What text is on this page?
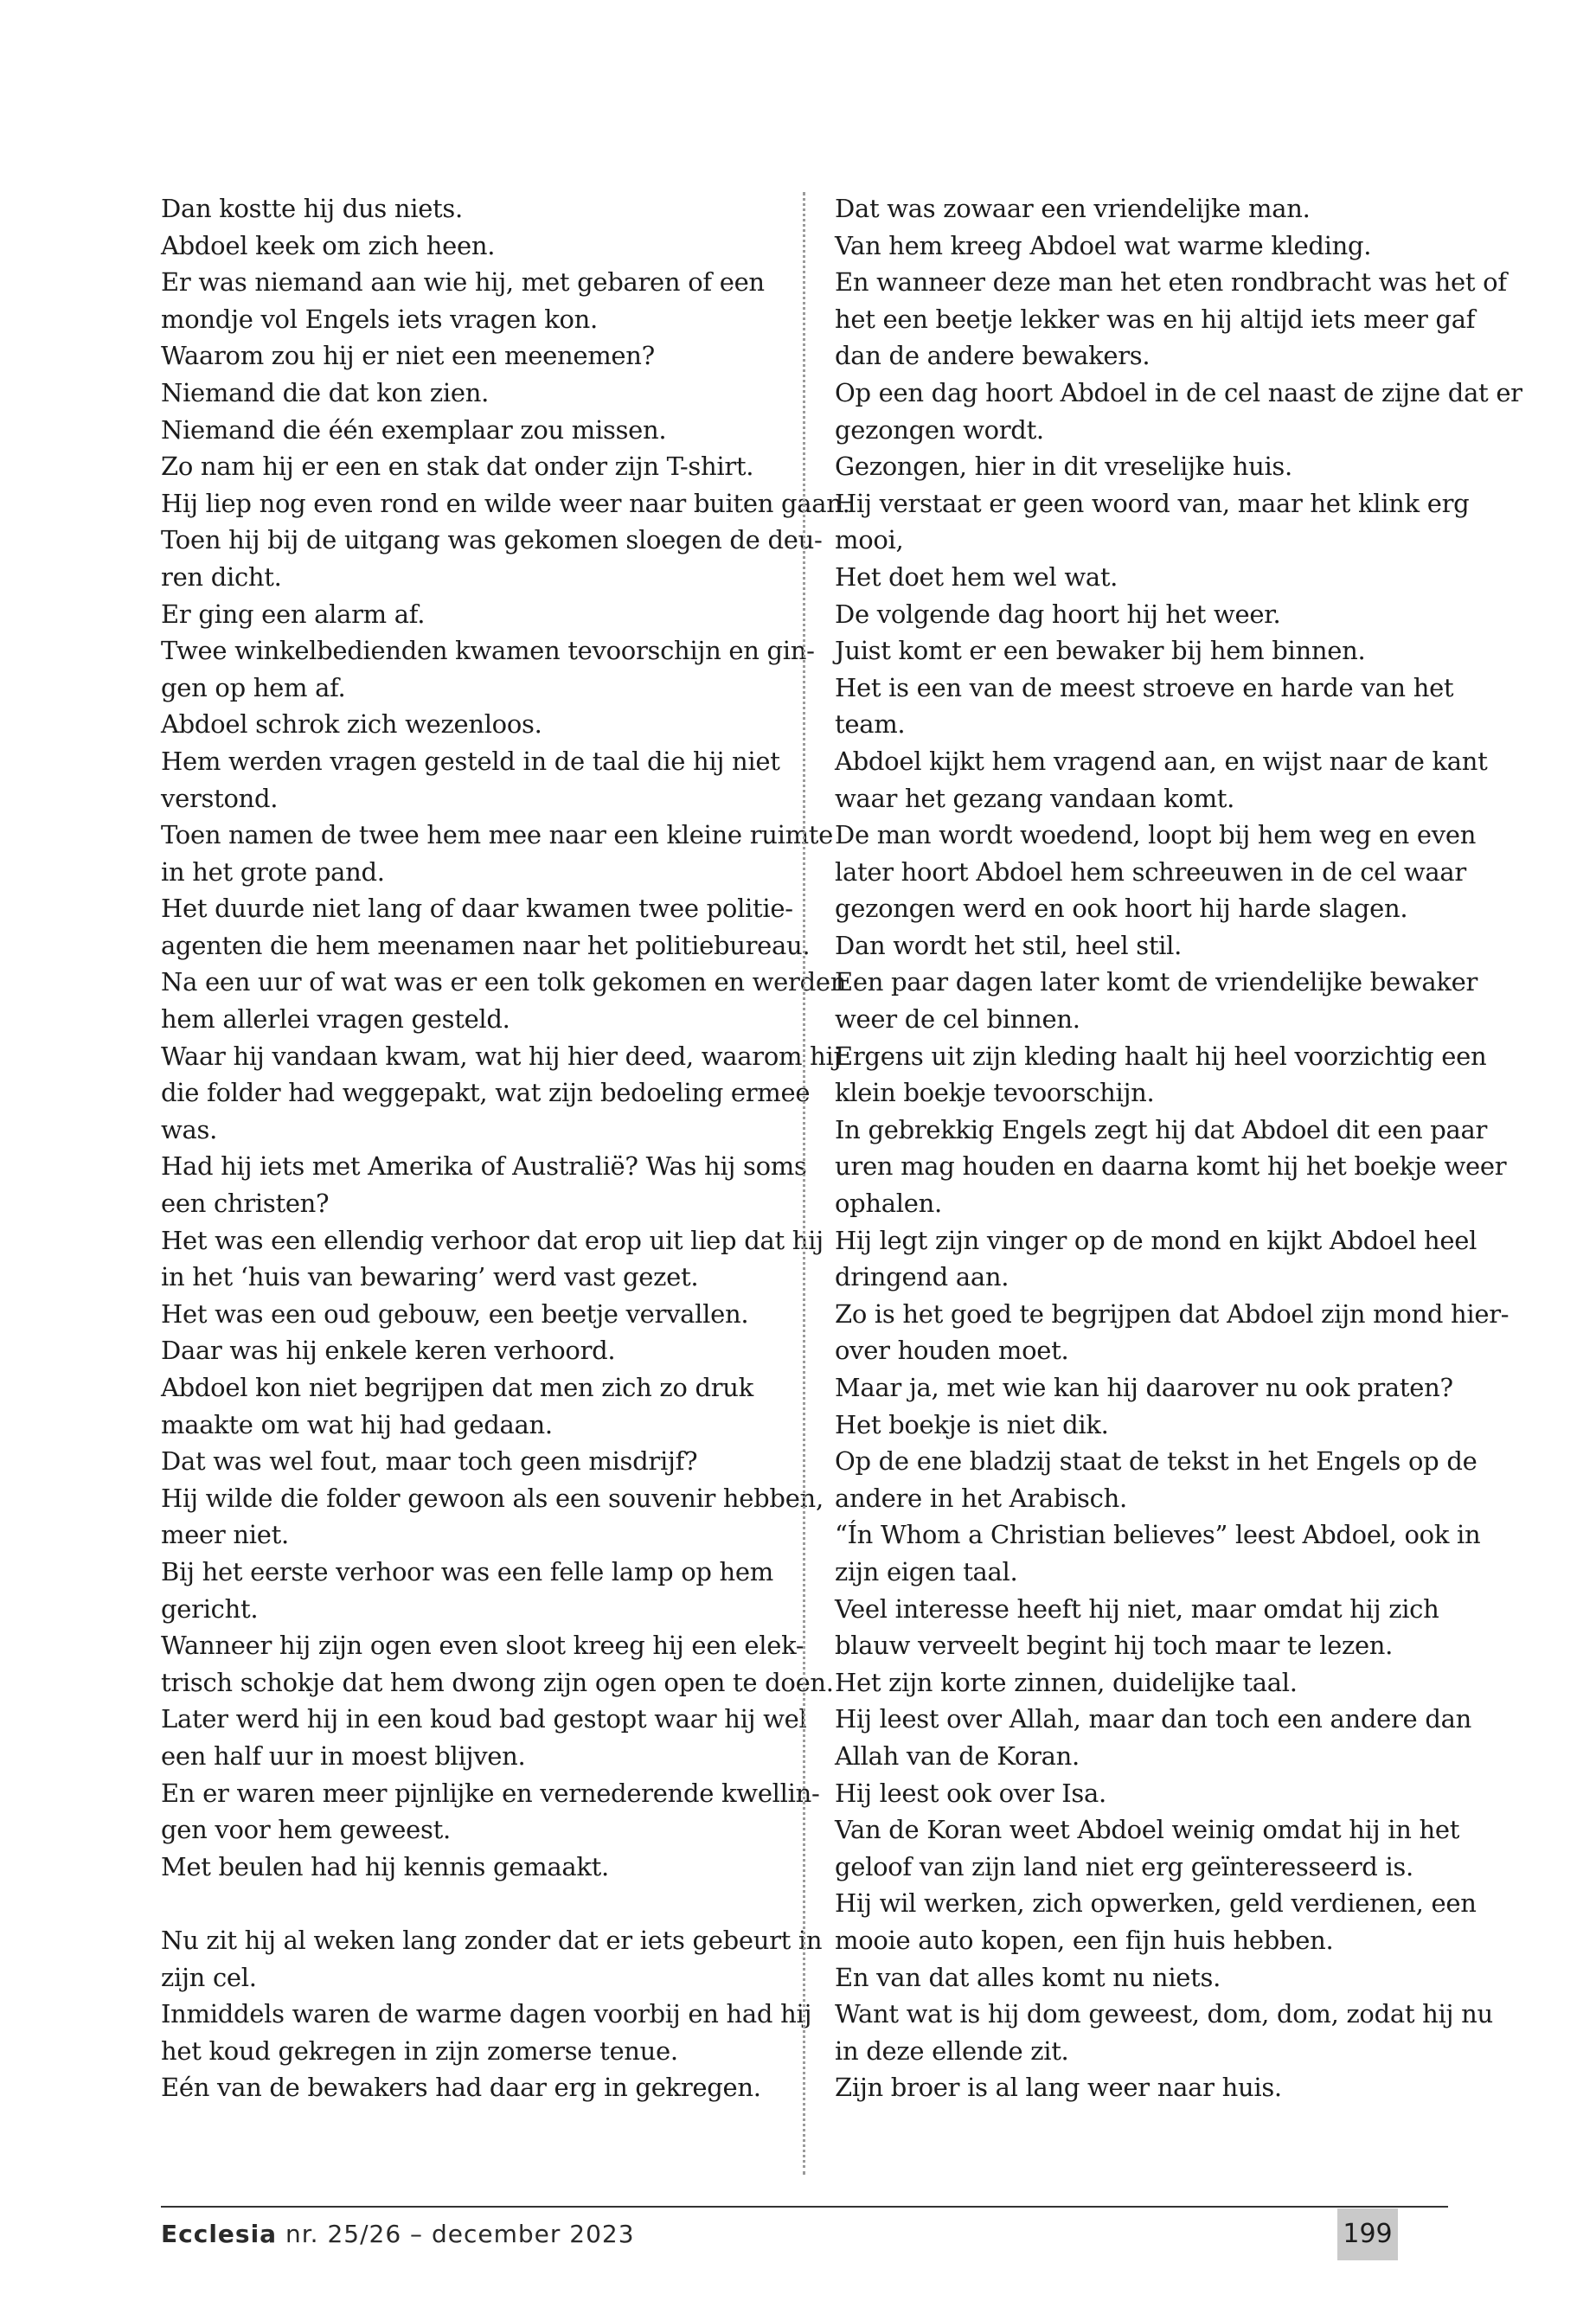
Dan kostte hij dus niets.
Abdoel keek om zich heen.
Er was niemand aan wie hij, met gebaren of een
mondje vol Engels iets vragen kon.
Waarom zou hij er niet een meenemen?
Niemand die dat kon zien.
Niemand die één exemplaar zou missen.
Zo nam hij er een en stak dat onder zijn T-shirt.
Hij liep nog even rond en wilde weer naar buiten gaan.
Toen hij bij de uitgang was gekomen sloegen de deu-
ren dicht.
Er ging een alarm af.
Twee winkelbedienden kwamen tevoorschijn en gin-
gen op hem af.
Abdoel schrok zich wezenloos.
Hem werden vragen gesteld in de taal die hij niet
verstond.
Toen namen de twee hem mee naar een kleine ruimte
in het grote pand.
Het duurde niet lang of daar kwamen twee politie-
agenten die hem meenamen naar het politiebureau.
Na een uur of wat was er een tolk gekomen en werden
hem allerlei vragen gesteld.
Waar hij vandaan kwam, wat hij hier deed, waarom hij
die folder had weggepakt, wat zijn bedoeling ermee
was.
Had hij iets met Amerika of Australië? Was hij soms
een christen?
Het was een ellendig verhoor dat erop uit liep dat hij
in het ‘huis van bewaring’ werd vast gezet.
Het was een oud gebouw, een beetje vervallen.
Daar was hij enkele keren verhoord.
Abdoel kon niet begrijpen dat men zich zo druk
maakte om wat hij had gedaan.
Dat was wel fout, maar toch geen misdrijf?
Hij wilde die folder gewoon als een souvenir hebben,
meer niet.
Bij het eerste verhoor was een felle lamp op hem
gericht.
Wanneer hij zijn ogen even sloot kreeg hij een elek-
trisch schokje dat hem dwong zijn ogen open te doen.
Later werd hij in een koud bad gestopt waar hij wel
een half uur in moest blijven.
En er waren meer pijnlijke en vernederende kwellin-
gen voor hem geweest.
Met beulen had hij kennis gemaakt.
Nu zit hij al weken lang zonder dat er iets gebeurt in
zijn cel.
Inmiddels waren de warme dagen voorbij en had hij
het koud gekregen in zijn zomerse tenue.
Eén van de bewakers had daar erg in gekregen.
Dat was zowaar een vriendelijke man.
Van hem kreeg Abdoel wat warme kleding.
En wanneer deze man het eten rondbracht was het of
het een beetje lekker was en hij altijd iets meer gaf
dan de andere bewakers.
Op een dag hoort Abdoel in de cel naast de zijne dat er
gezongen wordt.
Gezongen, hier in dit vreselijke huis.
Hij verstaat er geen woord van, maar het klink erg
mooi,
Het doet hem wel wat.
De volgende dag hoort hij het weer.
Juist komt er een bewaker bij hem binnen.
Het is een van de meest stroeve en harde van het
team.
Abdoel kijkt hem vragend aan, en wijst naar de kant
waar het gezang vandaan komt.
De man wordt woedend, loopt bij hem weg en even
later hoort Abdoel hem schreeuwen in de cel waar
gezongen werd en ook hoort hij harde slagen.
Dan wordt het stil, heel stil.
Een paar dagen later komt de vriendelijke bewaker
weer de cel binnen.
Ergens uit zijn kleding haalt hij heel voorzichtig een
klein boekje tevoorschijn.
In gebrekkig Engels zegt hij dat Abdoel dit een paar
uren mag houden en daarna komt hij het boekje weer
ophalen.
Hij legt zijn vinger op de mond en kijkt Abdoel heel
dringend aan.
Zo is het goed te begrijpen dat Abdoel zijn mond hier-
over houden moet.
Maar ja, met wie kan hij daarover nu ook praten?
Het boekje is niet dik.
Op de ene bladzij staat de tekst in het Engels op de
andere in het Arabisch.
“Ín Whom a Christian believes” leest Abdoel, ook in
zijn eigen taal.
Veel interesse heeft hij niet, maar omdat hij zich
blauw verveelt begint hij toch maar te lezen.
Het zijn korte zinnen, duidelijke taal.
Hij leest over Allah, maar dan toch een andere dan
Allah van de Koran.
Hij leest ook over Isa.
Van de Koran weet Abdoel weinig omdat hij in het
geloof van zijn land niet erg geïnteresseerd is.
Hij wil werken, zich opwerken, geld verdienen, een
mooie auto kopen, een fijn huis hebben.
En van dat alles komt nu niets.
Want wat is hij dom geweest, dom, dom, zodat hij nu
in deze ellende zit.
Zijn broer is al lang weer naar huis.
Ecclesia nr. 25/26 – december 2023	199
